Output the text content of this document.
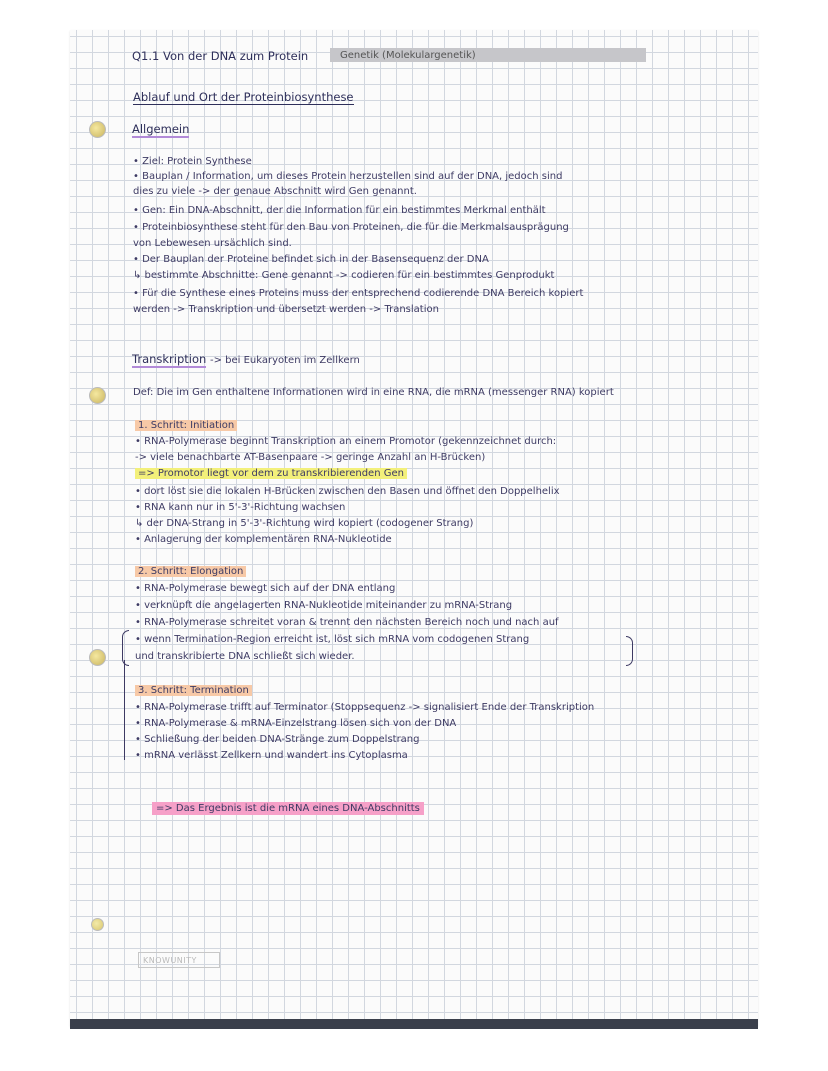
Q1.1 Von der DNA zum Protein	Genetik (Molekulargenetik)
Ablauf und Ort der Proteinbiosynthese
Allgemein
• Ziel: Protein Synthese
• Bauplan / Information, um dieses Protein herzustellen sind auf der DNA, jedoch sind
dies zu viele -> der genaue Abschnitt wird Gen genannt.
• Gen: Ein DNA-Abschnitt, der die Information für ein bestimmtes Merkmal enthält
• Proteinbiosynthese steht für den Bau von Proteinen, die für die Merkmalsausprägung
von Lebewesen ursächlich sind.
• Der Bauplan der Proteine befindet sich in der Basensequenz der DNA
↳ bestimmte Abschnitte: Gene genannt -> codieren für ein bestimmtes Genprodukt
• Für die Synthese eines Proteins muss der entsprechend codierende DNA Bereich kopiert
werden -> Transkription und übersetzt werden -> Translation
Transkription -> bei Eukaryoten im Zellkern
Def: Die im Gen enthaltene Informationen wird in eine RNA, die mRNA (messenger RNA) kopiert
1. Schritt: Initiation
• RNA-Polymerase beginnt Transkription an einem Promotor (gekennzeichnet durch:
-> viele benachbarte AT-Basenpaare -> geringe Anzahl an H-Brücken)
=> Promotor liegt vor dem zu transkribierenden Gen
• dort löst sie die lokalen H-Brücken zwischen den Basen und öffnet den Doppelhelix
• RNA kann nur in 5'-3'-Richtung wachsen
↳ der DNA-Strang in 5'-3'-Richtung wird kopiert (codogener Strang)
• Anlagerung der komplementären RNA-Nukleotide
2. Schritt: Elongation
• RNA-Polymerase bewegt sich auf der DNA entlang
• verknüpft die angelagerten RNA-Nukleotide miteinander zu mRNA-Strang
• RNA-Polymerase schreitet voran & trennt den nächsten Bereich noch und nach auf
• wenn Termination-Region erreicht ist, löst sich mRNA vom codogenen Strang
und transkribierte DNA schließt sich wieder.
3. Schritt: Termination
• RNA-Polymerase trifft auf Terminator (Stoppsequenz -> signalisiert Ende der Transkription
• RNA-Polymerase & mRNA-Einzelstrang lösen sich von der DNA
• Schließung der beiden DNA-Stränge zum Doppelstrang
• mRNA verlässt Zellkern und wandert ins Cytoplasma
=> Das Ergebnis ist die mRNA eines DNA-Abschnitts
KNOWUNITY
